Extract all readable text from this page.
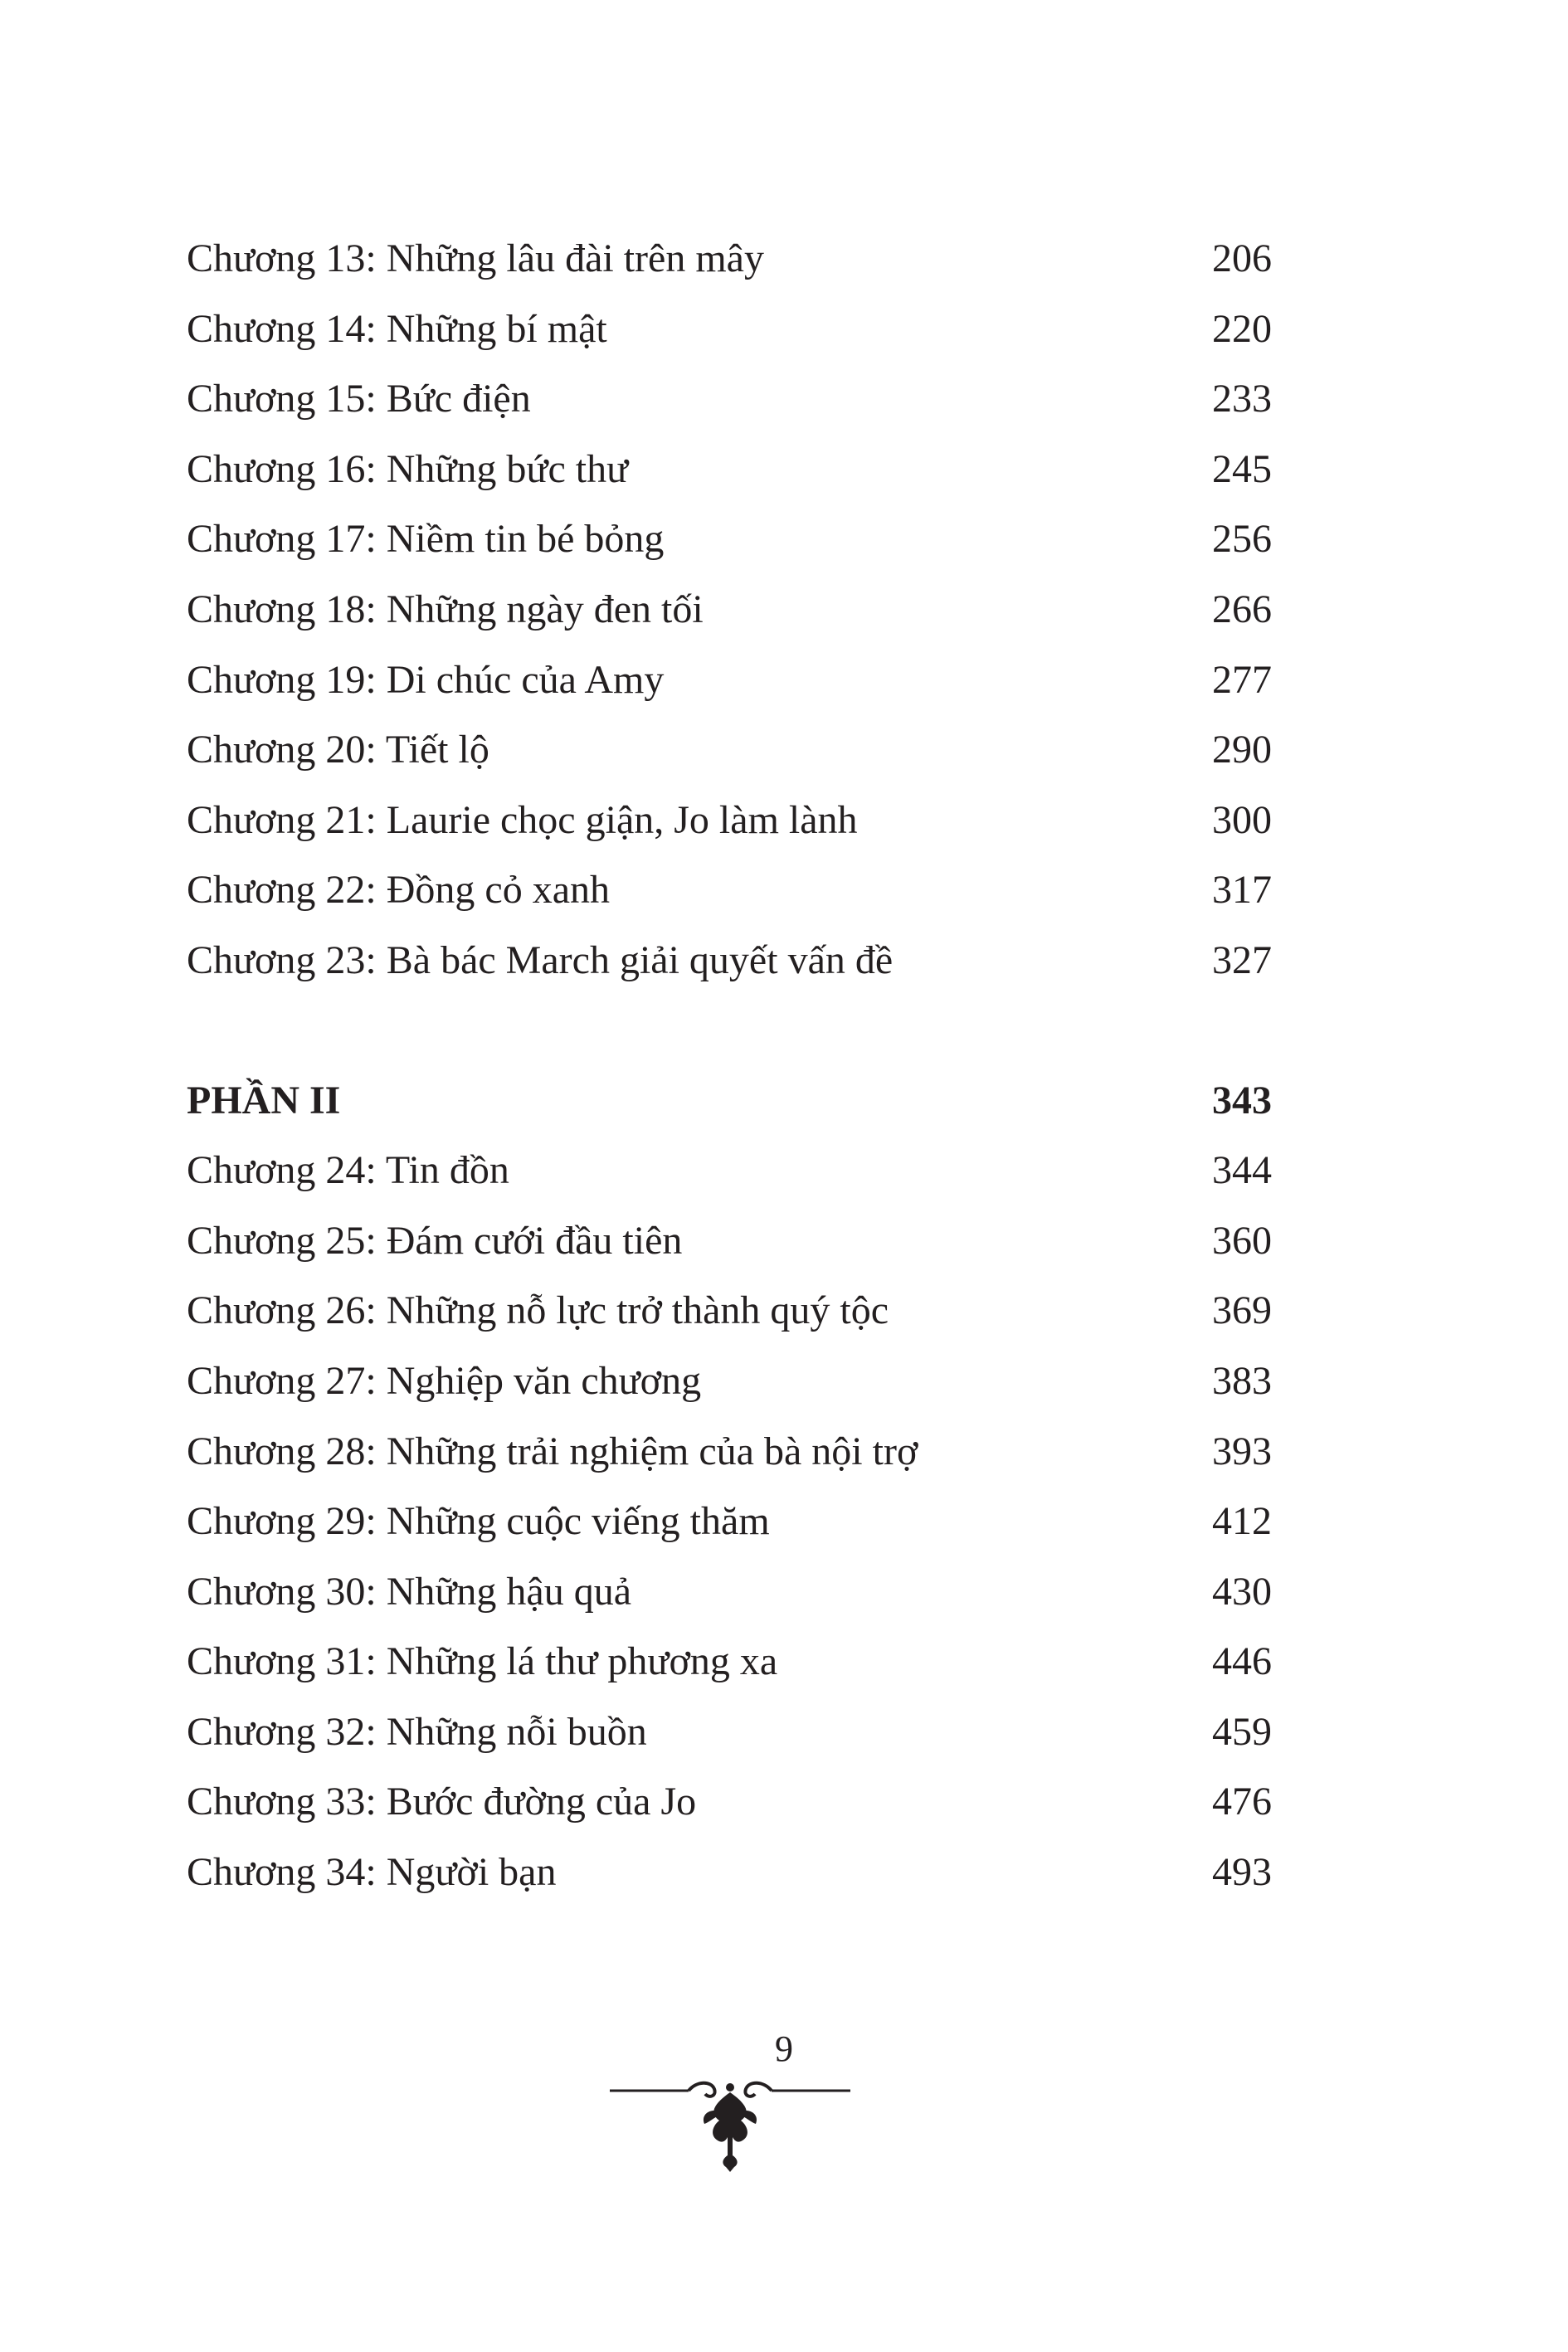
Chương 13: Những lâu đài trên mây	206
Chương 14: Những bí mật	220
Chương 15: Bức điện	233
Chương 16: Những bức thư	245
Chương 17: Niềm tin bé bỏng	256
Chương 18: Những ngày đen tối	266
Chương 19: Di chúc của Amy	277
Chương 20: Tiết lộ	290
Chương 21: Laurie chọc giận, Jo làm lành	300
Chương 22: Đồng cỏ xanh	317
Chương 23: Bà bác March giải quyết vấn đề	327
PHẦN II	343
Chương 24: Tin đồn	344
Chương 25: Đám cưới đầu tiên	360
Chương 26: Những nỗ lực trở thành quý tộc	369
Chương 27: Nghiệp văn chương	383
Chương 28: Những trải nghiệm của bà nội trợ	393
Chương 29: Những cuộc viếng thăm	412
Chương 30: Những hậu quả	430
Chương 31: Những lá thư phương xa	446
Chương 32: Những nỗi buồn	459
Chương 33: Bước đường của Jo	476
Chương 34: Người bạn	493
9
